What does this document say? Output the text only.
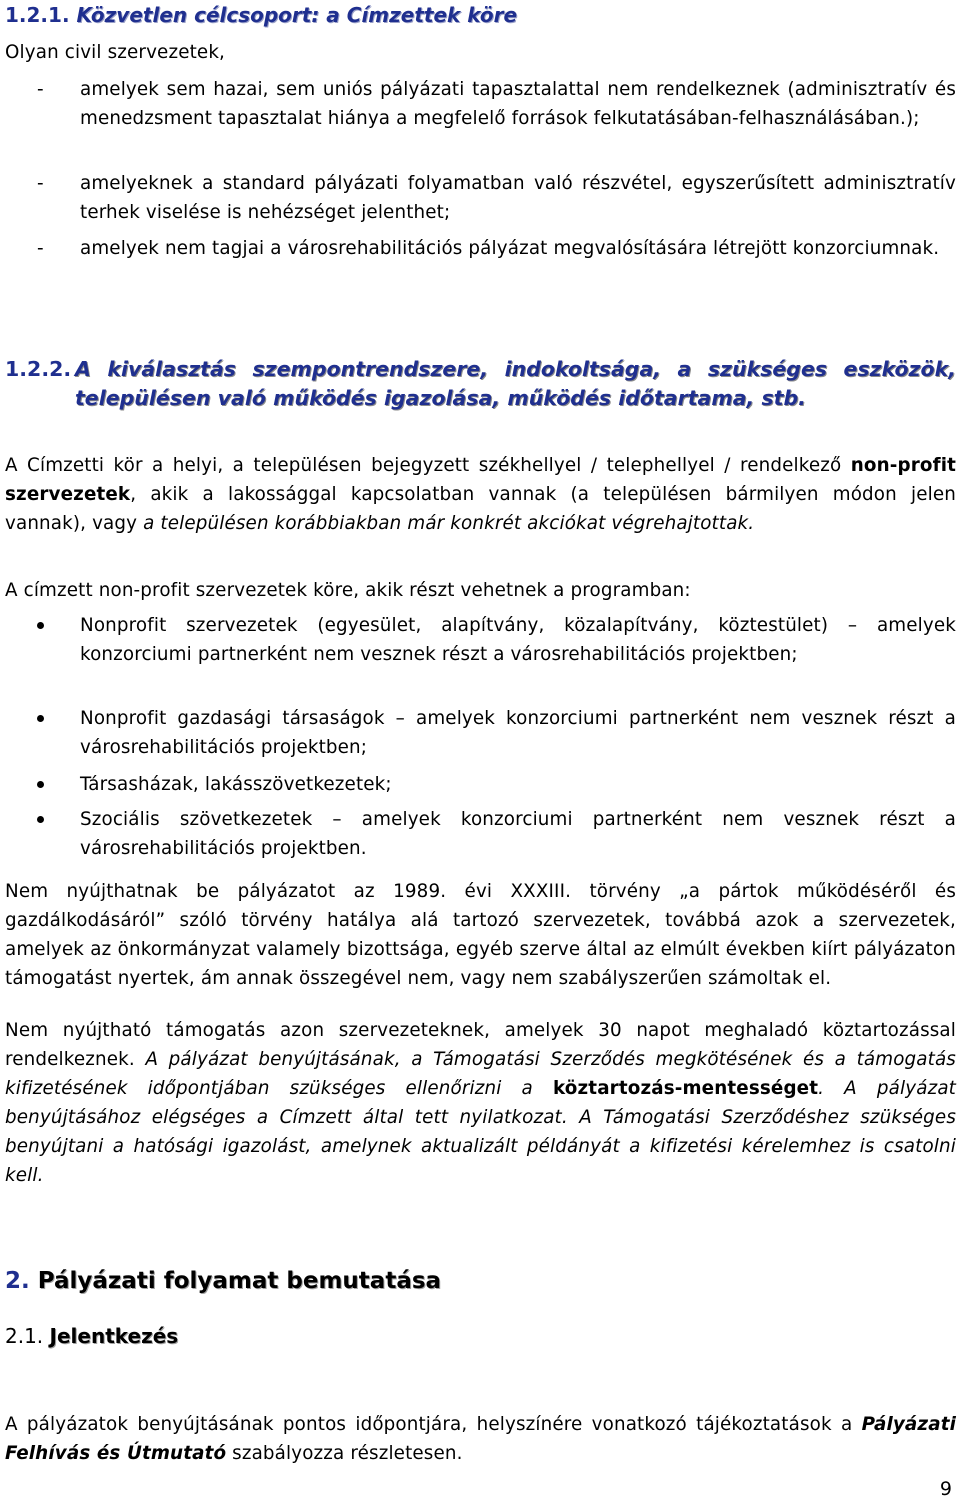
1.2.1. Közvetlen célcsoport: a Címzettek köre
Olyan civil szervezetek,
- amelyek sem hazai, sem uniós pályázati tapasztalattal nem rendelkeznek (adminisztratív és menedzsment tapasztalat hiánya a megfelelő források felkutatásában-felhasználásában.);
- amelyeknek a standard pályázati folyamatban való részvétel, egyszerűsített adminisztratív terhek viselése is nehézséget jelenthet;
- amelyek nem tagjai a városrehabilitációs pályázat megvalósítására létrejött konzorciumnak.
1.2.2. A kiválasztás szempontrendszere, indokoltsága, a szükséges eszközök, településen való működés igazolása, működés időtartama, stb.
A Címzetti kör a helyi, a településen bejegyzett székhellyel / telephellyel / rendelkező non-profit szervezetek, akik a lakossággal kapcsolatban vannak (a településen bármilyen módon jelen vannak), vagy a településen korábbiakban már konkrét akciókat végrehajtottak.
A címzett non-profit szervezetek köre, akik részt vehetnek a programban:
Nonprofit szervezetek (egyesület, alapítvány, közalapítvány, köztestület) – amelyek konzorciumi partnerként nem vesznek részt a városrehabilitációs projektben;
Nonprofit gazdasági társaságok – amelyek konzorciumi partnerként nem vesznek részt a városrehabilitációs projektben;
Társasházak, lakásszövetkezetek;
Szociális szövetkezetek – amelyek konzorciumi partnerként nem vesznek részt a városrehabilitációs projektben.
Nem nyújthatnak be pályázatot az 1989. évi XXXIII. törvény „a pártok működéséről és gazdálkodásáról” szóló törvény hatálya alá tartozó szervezetek, továbbá azok a szervezetek, amelyek az önkormányzat valamely bizottsága, egyéb szerve által az elmúlt években kiírt pályázaton támogatást nyertek, ám annak összegével nem, vagy nem szabályszerűen számoltak el.
Nem nyújtható támogatás azon szervezeteknek, amelyek 30 napot meghaladó köztartozással rendelkeznek. A pályázat benyújtásának, a Támogatási Szerződés megkötésének és a támogatás kifizetésének időpontjában szükséges ellenőrizni a köztartozás-mentességet. A pályázat benyújtásához elégséges a Címzett által tett nyilatkozat. A Támogatási Szerződéshez szükséges benyújtani a hatósági igazolást, amelynek aktualizált példányát a kifizetési kérelemhez is csatolni kell.
2. Pályázati folyamat bemutatása
2.1. Jelentkezés
A pályázatok benyújtásának pontos időpontjára, helyszínére vonatkozó tájékoztatások a Pályázati Felhívás és Útmutató szabályozza részletesen.
9
